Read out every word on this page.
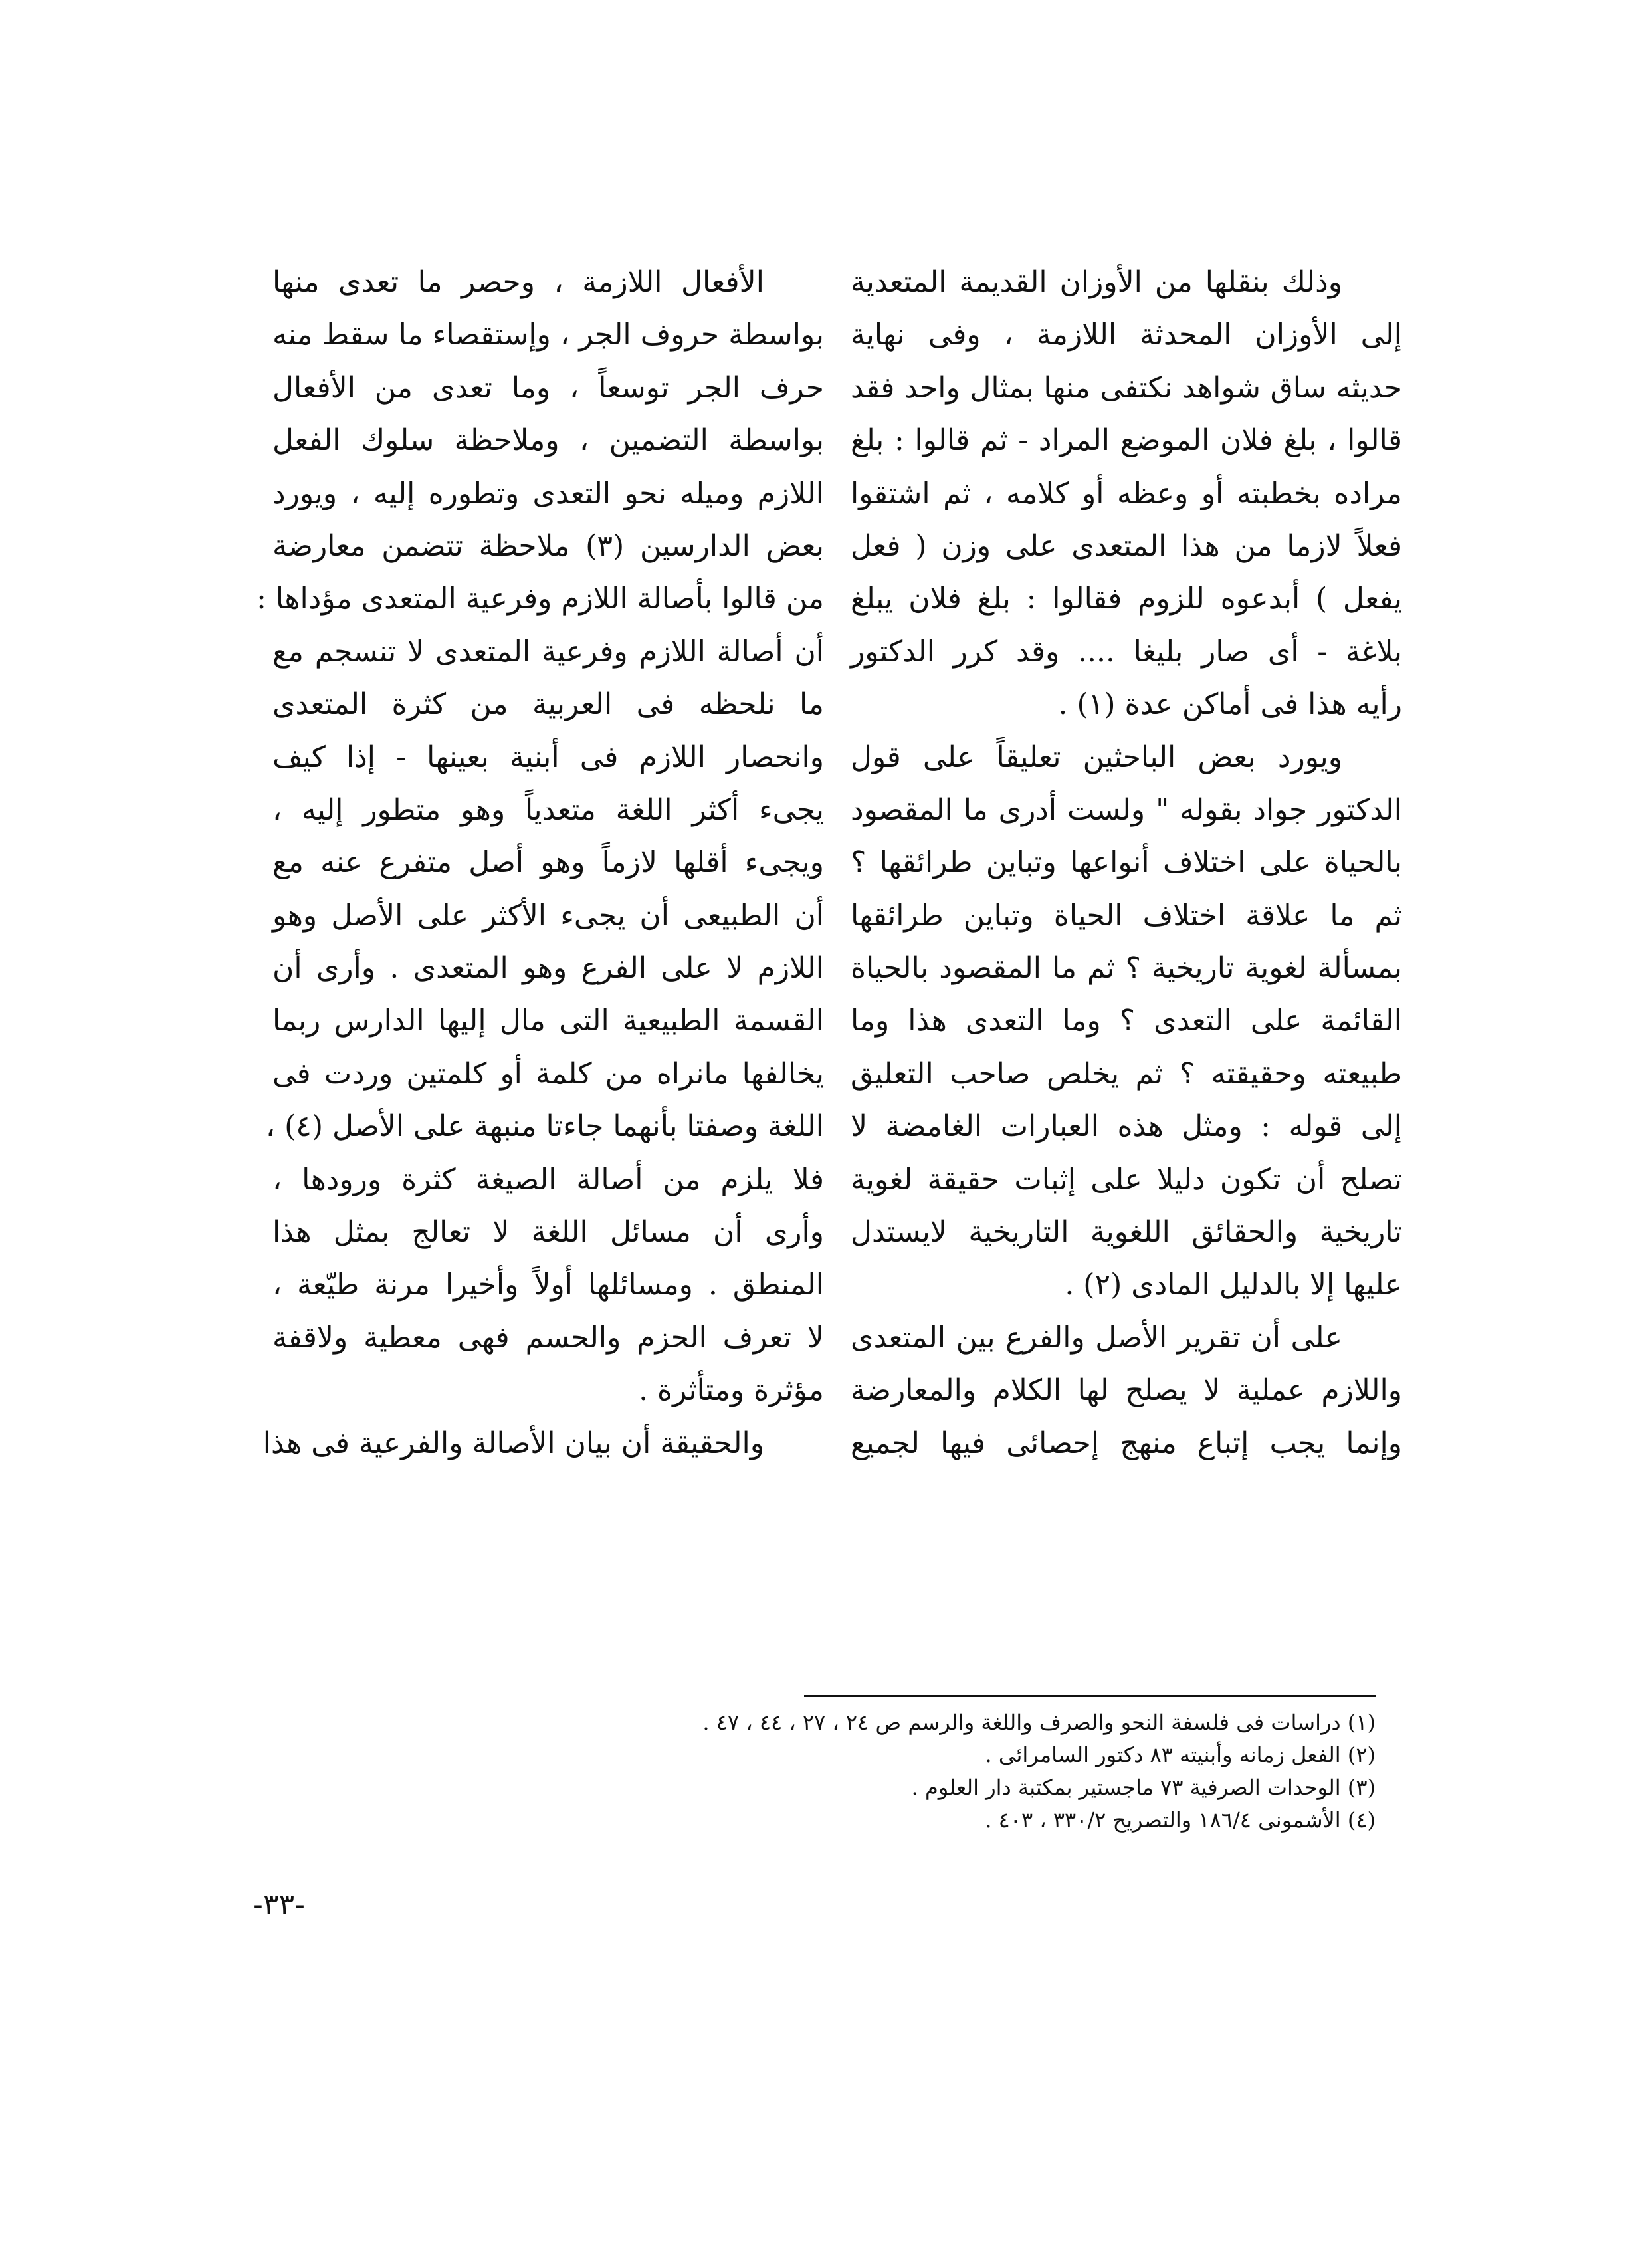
وذلك بنقلها من الأوزان القديمة المتعدية
إلى الأوزان المحدثة اللازمة ، وفى نهاية
حديثه ساق شواهد نكتفى منها بمثال واحد فقد
قالوا ، بلغ فلان الموضع المراد - ثم قالوا : بلغ
مراده بخطبته أو وعظه أو كلامه ، ثم اشتقوا
فعلاً لازما من هذا المتعدى على وزن ( فعل
يفعل ) أبدعوه للزوم فقالوا : بلغ فلان يبلغ
بلاغة - أى صار بليغا .... وقد كرر الدكتور
رأيه هذا فى أماكن عدة (١) .
ويورد بعض الباحثين تعليقاً على قول
الدكتور جواد بقوله " ولست أدرى ما المقصود
بالحياة على اختلاف أنواعها وتباين طرائقها ؟
ثم ما علاقة اختلاف الحياة وتباين طرائقها
بمسألة لغوية تاريخية ؟ ثم ما المقصود بالحياة
القائمة على التعدى ؟ وما التعدى هذا وما
طبيعته وحقيقته ؟ ثم يخلص صاحب التعليق
إلى قوله : ومثل هذه العبارات الغامضة لا
تصلح أن تكون دليلا على إثبات حقيقة لغوية
تاريخية والحقائق اللغوية التاريخية لايستدل
عليها إلا بالدليل المادى (٢) .
على أن تقرير الأصل والفرع بين المتعدى
واللازم عملية لا يصلح لها الكلام والمعارضة
وإنما يجب إتباع منهج إحصائى فيها لجميع
الأفعال اللازمة ، وحصر ما تعدى منها
بواسطة حروف الجر ، وإستقصاء ما سقط منه
حرف الجر توسعاً ، وما تعدى من الأفعال
بواسطة التضمين ، وملاحظة سلوك الفعل
اللازم وميله نحو التعدى وتطوره إليه ، ويورد
بعض الدارسين (٣) ملاحظة تتضمن معارضة
من قالوا بأصالة اللازم وفرعية المتعدى مؤداها :
أن أصالة اللازم وفرعية المتعدى لا تنسجم مع
ما نلحظه فى العربية من كثرة المتعدى
وانحصار اللازم فى أبنية بعينها - إذا كيف
يجىء أكثر اللغة متعدياً وهو متطور إليه ،
ويجىء أقلها لازماً وهو أصل متفرع عنه مع
أن الطبيعى أن يجىء الأكثر على الأصل وهو
اللازم لا على الفرع وهو المتعدى . وأرى أن
القسمة الطبيعية التى مال إليها الدارس ربما
يخالفها مانراه من كلمة أو كلمتين وردت فى
اللغة وصفتا بأنهما جاءتا منبهة على الأصل (٤) ،
فلا يلزم من أصالة الصيغة كثرة ورودها ،
وأرى أن مسائل اللغة لا تعالج بمثل هذا
المنطق . ومسائلها أولاً وأخيرا مرنة طيّعة ،
لا تعرف الحزم والحسم فهى معطية ولاقفة
مؤثرة ومتأثرة .
والحقيقة أن بيان الأصالة والفرعية فى هذا
(١) دراسات فى فلسفة النحو والصرف واللغة والرسم ص ٢٤ ، ٢٧ ، ٤٤ ، ٤٧ .
(٢) الفعل زمانه وأبنيته ٨٣ دكتور السامرائى .
(٣) الوحدات الصرفية ٧٣ ماجستير بمكتبة دار العلوم .
(٤) الأشمونى ١٨٦/٤ والتصريح ٣٣٠/٢ ، ٤٠٣ .
-٣٣-
